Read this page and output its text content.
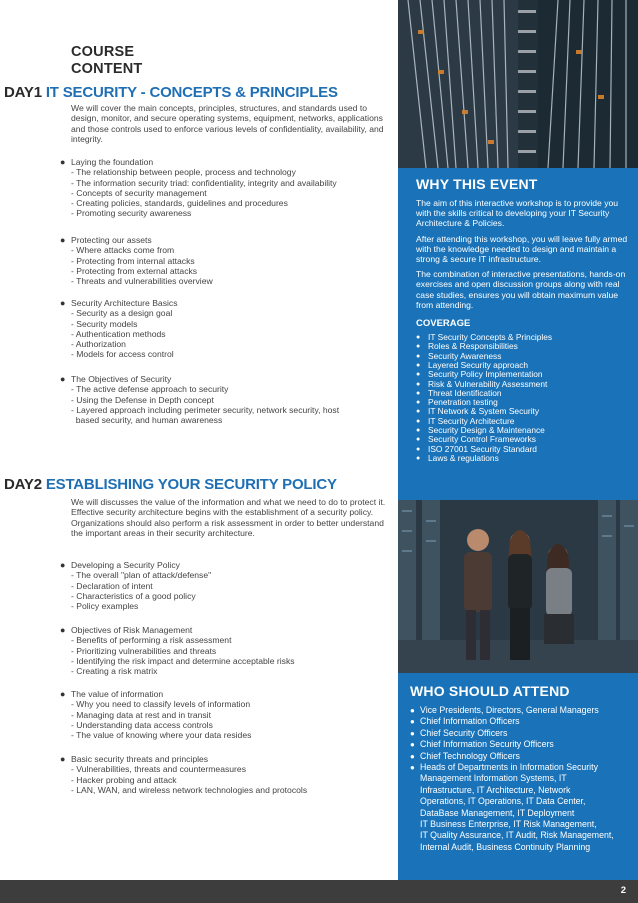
COURSE
CONTENT
DAY1 IT SECURITY - CONCEPTS & PRINCIPLES
We will cover the main concepts, principles, structures, and standards used to design, monitor, and secure operating systems, equipment, networks, applications and those controls used to enforce various levels of confidentiality, availability, and integrity.
● Laying the foundation
- The relationship between people, process and technology
- The information security triad: confidentiality, integrity and availability
- Concepts of security management
- Creating policies, standards, guidelines and procedures
- Promoting security awareness
● Protecting our assets
- Where attacks come from
- Protecting from internal attacks
- Protecting from external attacks
- Threats and vulnerabilities overview
● Security Architecture Basics
- Security as a design goal
- Security models
- Authentication methods
- Authorization
- Models for access control
● The Objectives of Security
- The active defense approach to security
- Using the Defense in Depth concept
- Layered approach including perimeter security, network security, host
based security, and human awareness
DAY2 ESTABLISHING YOUR SECURITY POLICY
We will discusses the value of the information and what we need to do to protect it. Effective security architecture begins with the establishment of a security policy. Organizations should also perform a risk assessment in order to better understand the important areas in their security architecture.
● Developing a Security Policy
- The overall "plan of attack/defense"
- Declaration of intent
- Characteristics of a good policy
- Policy examples
● Objectives of Risk Management
- Benefits of performing a risk assessment
- Prioritizing vulnerabilities and threats
- Identifying the risk impact and determine acceptable risks
- Creating a risk matrix
● The value of information
- Why you need to classify levels of information
- Managing data at rest and in transit
- Understanding data access controls
- The value of knowing where your data resides
● Basic security threats and principles
- Vulnerabilities, threats and countermeasures
- Hacker probing and attack
- LAN, WAN, and wireless network technologies and protocols
WHY THIS EVENT

The aim of this interactive workshop is to provide you with the skills critical to developing your IT Security Architecture & Policies.

After attending this workshop, you will leave fully armed with the knowledge needed to design and maintain a strong & secure IT infrastructure.

The combination of interactive presentations, hands-on exercises and open discussion groups along with real case studies, ensures you will obtain maximum value from attending.

COVERAGE
● IT Security Concepts & Principles
● Roles & Responsibilities
● Security Awareness
● Layered Security approach
● Security Policy Implementation
● Risk & Vulnerability Assessment
● Threat Identification
● Penetration testing
● IT Network & System Security
● IT Security Architecture
● Security Design & Maintenance
● Security Control Frameworks
● ISO 27001 Security Standard
● Laws & regulations
WHO SHOULD ATTEND
● Vice Presidents, Directors, General Managers
● Chief Information Officers
● Chief Security Officers
● Chief Information Security Officers
● Chief Technology Officers
● Heads of Departments in Information Security
Management Information Systems, IT
Infrastructure, IT Architecture, Network
Operations, IT Operations, IT Data Center,
DataBase Management, IT Deployment
IT Business Enterprise, IT Risk Management,
IT Quality Assurance, IT Audit, Risk Management,
Internal Audit, Business Continuity Planning
2
